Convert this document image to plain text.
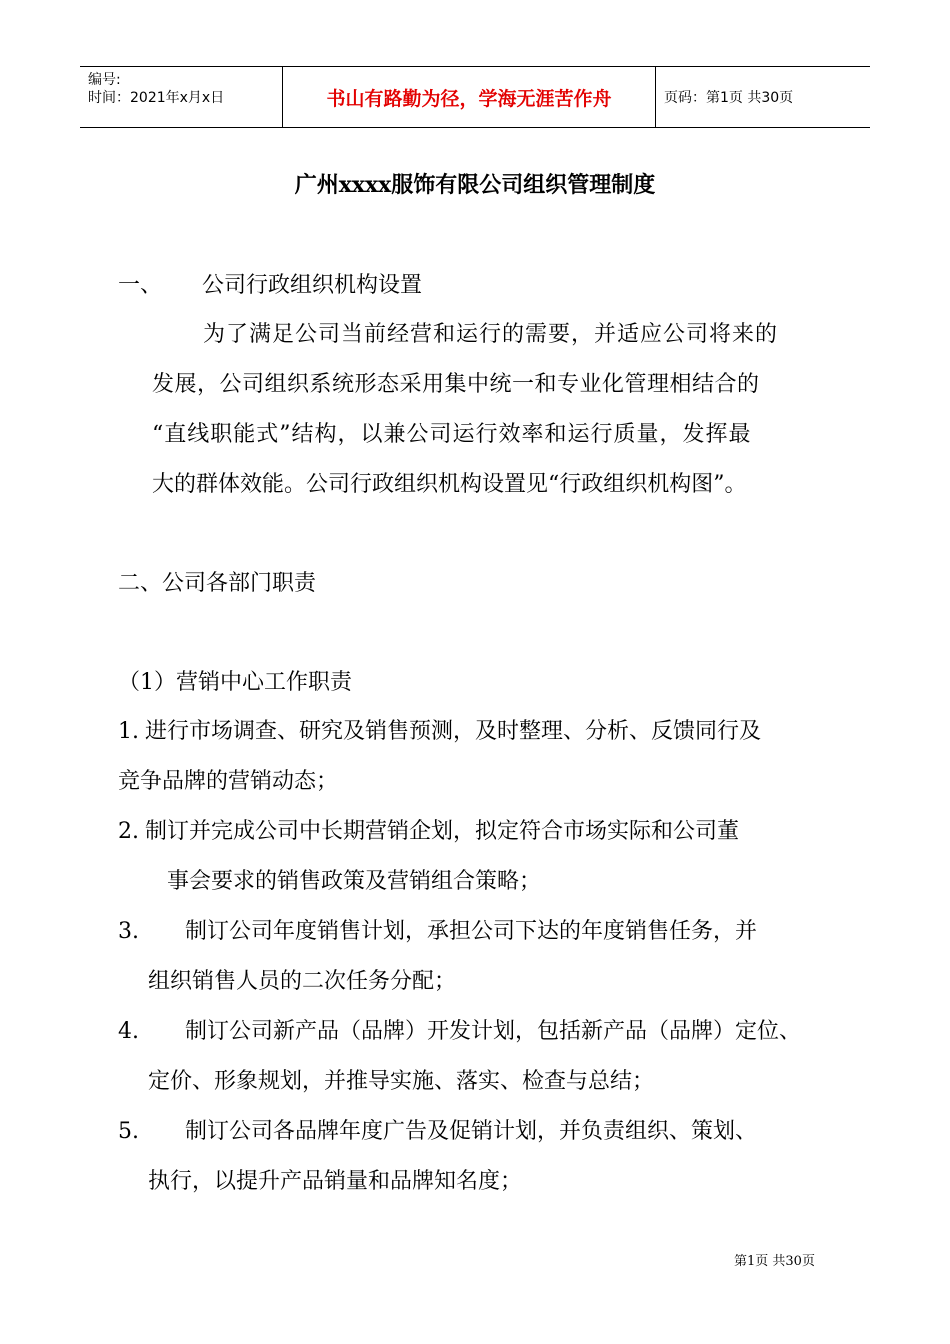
编号:
时间：2021年x月x日	书山有路勤为径，学海无涯苦作舟	页码：第1页 共30页
广州xxxx服饰有限公司组织管理制度
一、 公司行政组织机构设置
为了满足公司当前经营和运行的需要，并适应公司将来的
发展，公司组织系统形态采用集中统一和专业化管理相结合的
“直线职能式”结构，以兼公司运行效率和运行质量，发挥最
大的群体效能。公司行政组织机构设置见“行政组织机构图”。
二、公司各部门职责
（1）营销中心工作职责
1. 进行市场调查、研究及销售预测，及时整理、分析、反馈同行及
竞争品牌的营销动态；
2. 制订并完成公司中长期营销企划，拟定符合市场实际和公司董
事会要求的销售政策及营销组合策略；
3. 制订公司年度销售计划，承担公司下达的年度销售任务，并
组织销售人员的二次任务分配；
4. 制订公司新产品（品牌）开发计划，包括新产品（品牌）定位、
定价、形象规划，并推导实施、落实、检查与总结；
5. 制订公司各品牌年度广告及促销计划，并负责组织、策划、
执行，以提升产品销量和品牌知名度；
第1页 共30页
